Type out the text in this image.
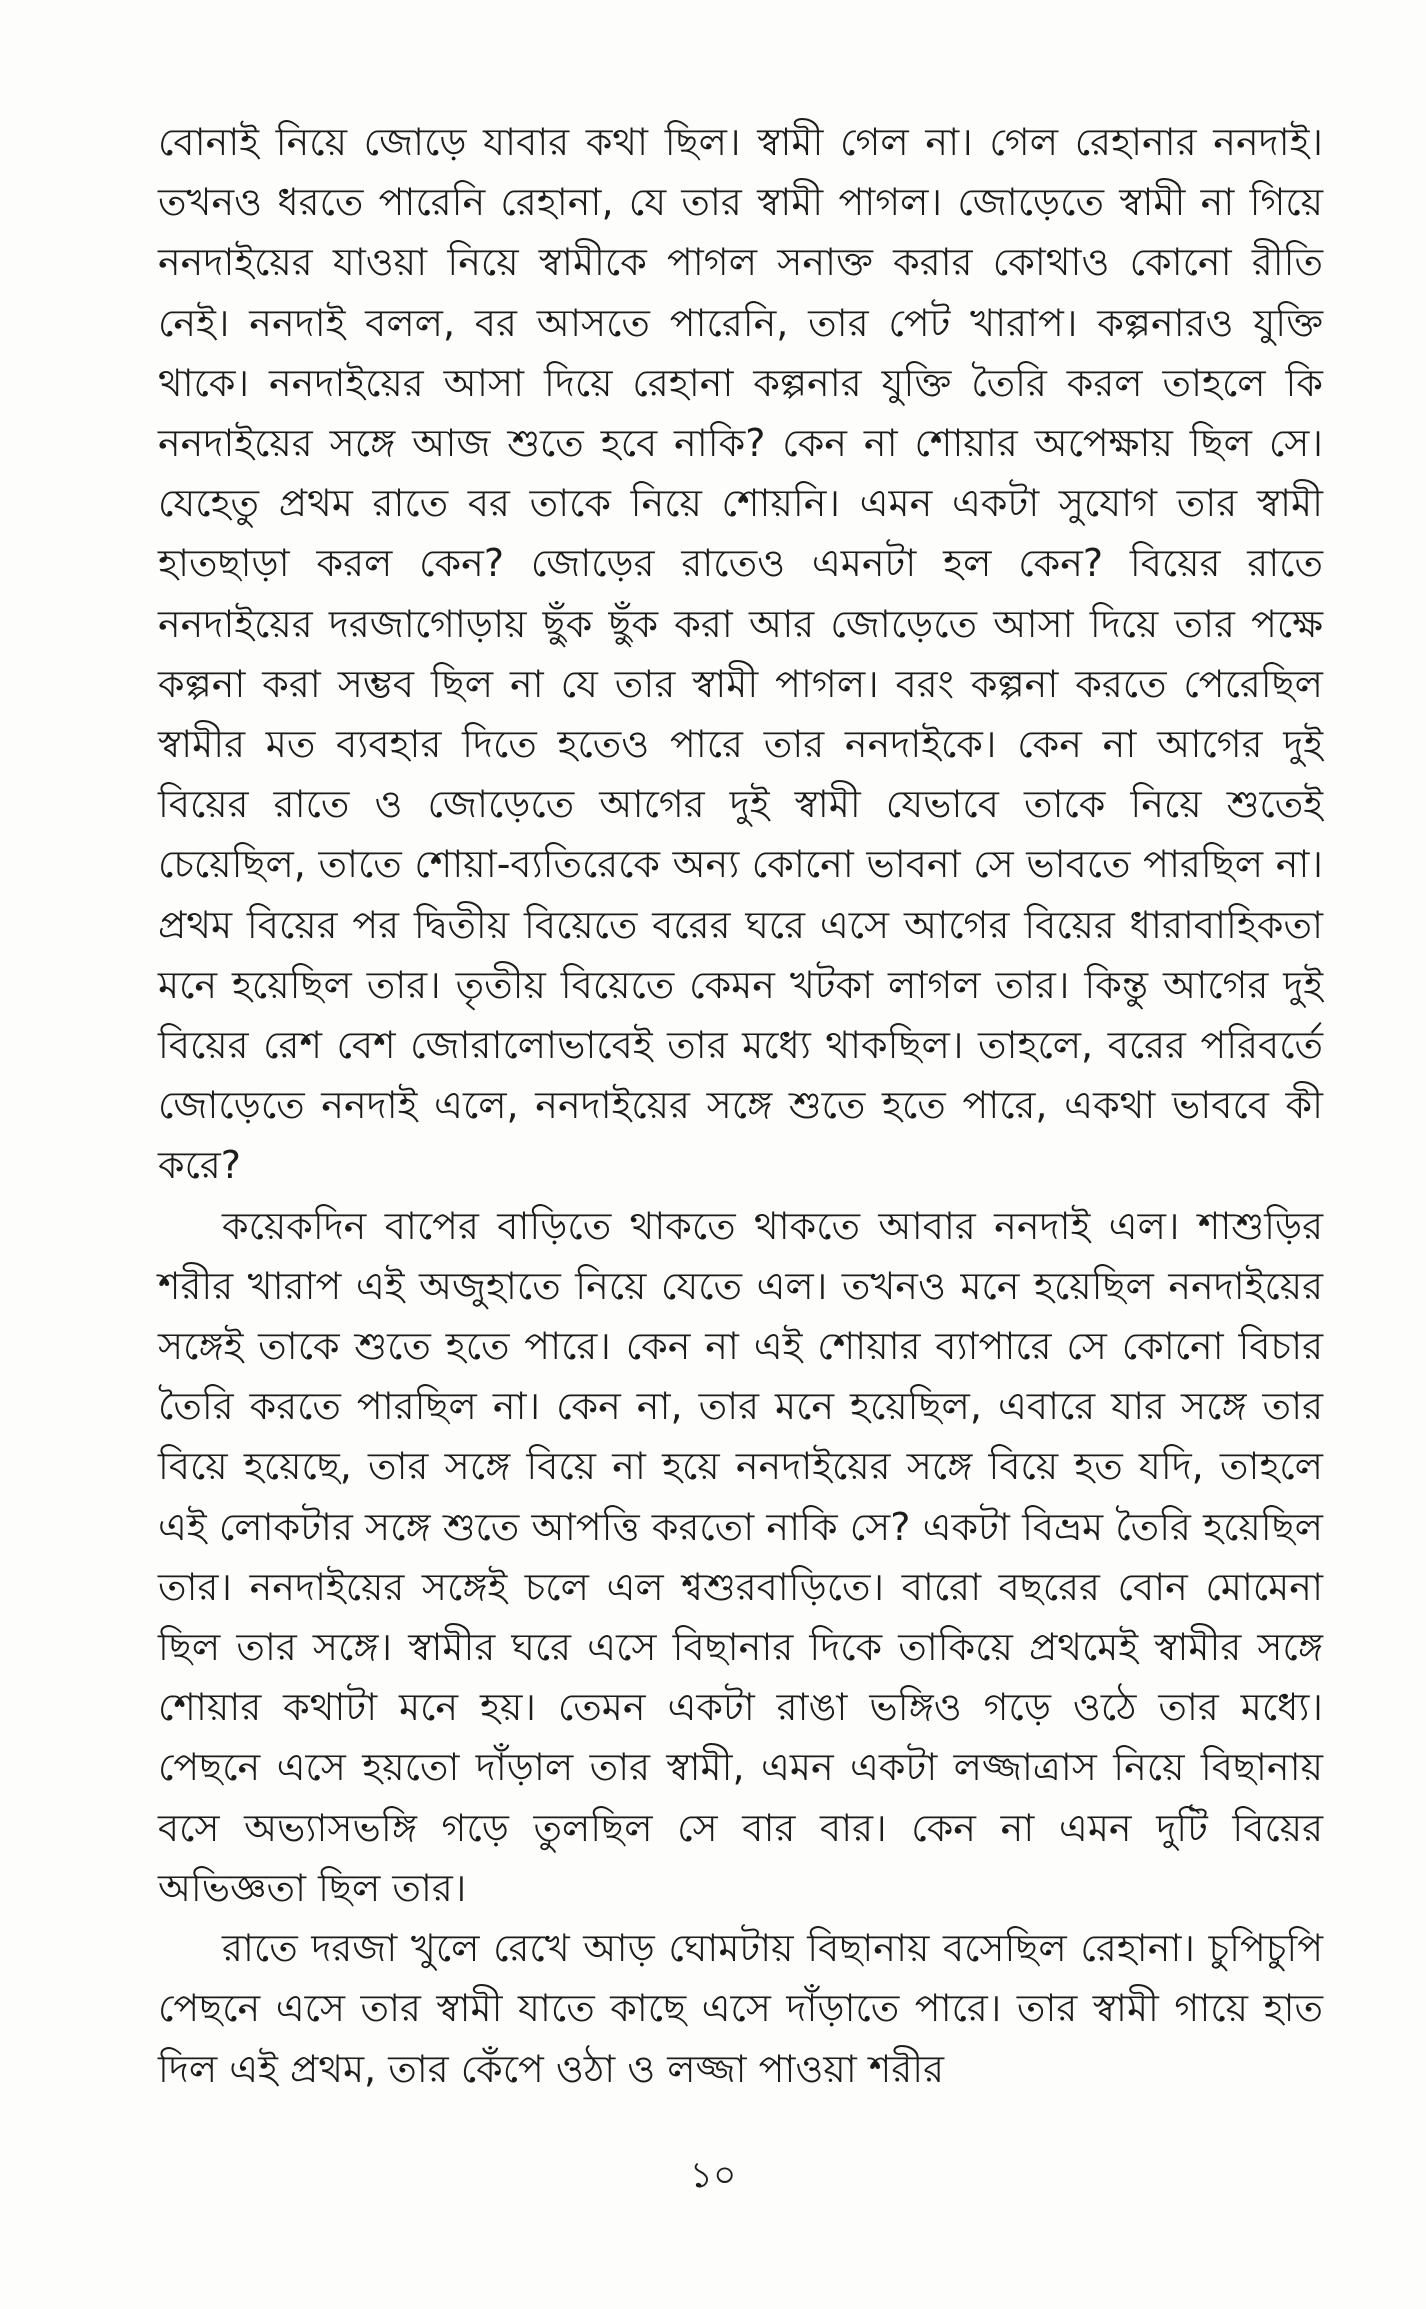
বোনাই নিয়ে জোড়ে যাবার কথা ছিল। স্বামী গেল না। গেল রেহানার ননদাই। তখনও ধরতে পারেনি রেহানা, যে তার স্বামী পাগল। জোড়েতে স্বামী না গিয়ে ননদাইয়ের যাওয়া নিয়ে স্বামীকে পাগল সনাক্ত করার কোথাও কোনো রীতি নেই। ননদাই বলল, বর আসতে পারেনি, তার পেট খারাপ। কল্পনারও যুক্তি থাকে। ননদাইয়ের আসা দিয়ে রেহানা কল্পনার যুক্তি তৈরি করল তাহলে কি ননদাইয়ের সঙ্গে আজ শুতে হবে নাকি? কেন না শোয়ার অপেক্ষায় ছিল সে। যেহেতু প্রথম রাতে বর তাকে নিয়ে শোয়নি। এমন একটা সুযোগ তার স্বামী হাতছাড়া করল কেন? জোড়ের রাতেও এমনটা হল কেন? বিয়ের রাতে ননদাইয়ের দরজাগোড়ায় ছুঁক ছুঁক করা আর জোড়েতে আসা দিয়ে তার পক্ষে কল্পনা করা সম্ভব ছিল না যে তার স্বামী পাগল। বরং কল্পনা করতে পেরেছিল স্বামীর মত ব্যবহার দিতে হতেও পারে তার ননদাইকে। কেন না আগের দুই বিয়ের রাতে ও জোড়েতে আগের দুই স্বামী যেভাবে তাকে নিয়ে শুতেই চেয়েছিল, তাতে শোয়া-ব্যতিরেকে অন্য কোনো ভাবনা সে ভাবতে পারছিল না। প্রথম বিয়ের পর দ্বিতীয় বিয়েতে বরের ঘরে এসে আগের বিয়ের ধারাবাহিকতা মনে হয়েছিল তার। তৃতীয় বিয়েতে কেমন খটকা লাগল তার। কিন্তু আগের দুই বিয়ের রেশ বেশ জোরালোভাবেই তার মধ্যে থাকছিল। তাহলে, বরের পরিবর্তে জোড়েতে ননদাই এলে, ননদাইয়ের সঙ্গে শুতে হতে পারে, একথা ভাববে কী করে?

কয়েকদিন বাপের বাড়িতে থাকতে থাকতে আবার ননদাই এল। শাশুড়ির শরীর খারাপ এই অজুহাতে নিয়ে যেতে এল। তখনও মনে হয়েছিল ননদাইয়ের সঙ্গেই তাকে শুতে হতে পারে। কেন না এই শোয়ার ব্যাপারে সে কোনো বিচার তৈরি করতে পারছিল না। কেন না, তার মনে হয়েছিল, এবারে যার সঙ্গে তার বিয়ে হয়েছে, তার সঙ্গে বিয়ে না হয়ে ননদাইয়ের সঙ্গে বিয়ে হত যদি, তাহলে এই লোকটার সঙ্গে শুতে আপত্তি করতো নাকি সে? একটা বিভ্রম তৈরি হয়েছিল তার। ননদাইয়ের সঙ্গেই চলে এল শ্বশুরবাড়িতে। বারো বছরের বোন মোমেনা ছিল তার সঙ্গে। স্বামীর ঘরে এসে বিছানার দিকে তাকিয়ে প্রথমেই স্বামীর সঙ্গে শোয়ার কথাটা মনে হয়। তেমন একটা রাঙা ভঙ্গিও গড়ে ওঠে তার মধ্যে। পেছনে এসে হয়তো দাঁড়াল তার স্বামী, এমন একটা লজ্জাত্রাস নিয়ে বিছানায় বসে অভ্যাসভঙ্গি গড়ে তুলছিল সে বার বার। কেন না এমন দুটি বিয়ের অভিজ্ঞতা ছিল তার।

রাতে দরজা খুলে রেখে আড় ঘোমটায় বিছানায় বসেছিল রেহানা। চুপিচুপি পেছনে এসে তার স্বামী যাতে কাছে এসে দাঁড়াতে পারে। তার স্বামী গায়ে হাত দিল এই প্রথম, তার কেঁপে ওঠা ও লজ্জা পাওয়া শরীর

১০
